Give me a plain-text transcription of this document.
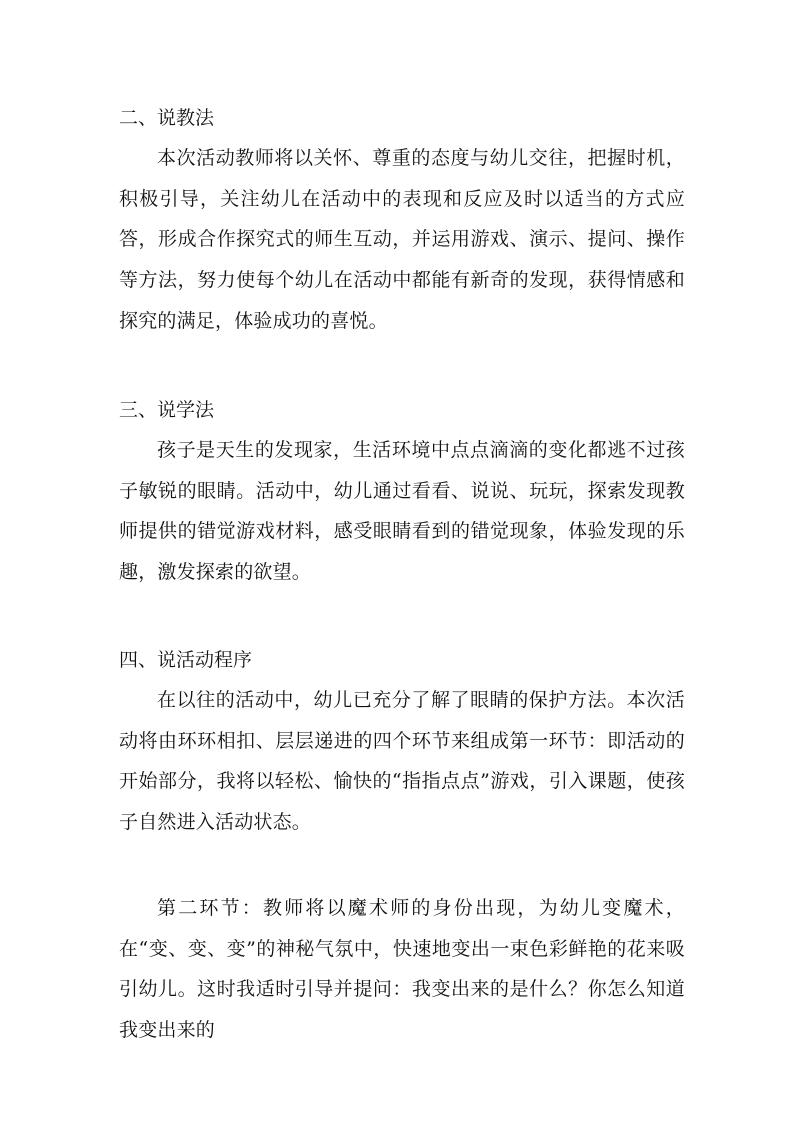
二、说教法

本次活动教师将以关怀、尊重的态度与幼儿交往，把握时机，积极引导，关注幼儿在活动中的表现和反应及时以适当的方式应答，形成合作探究式的师生互动，并运用游戏、演示、提问、操作等方法，努力使每个幼儿在活动中都能有新奇的发现，获得情感和探究的满足，体验成功的喜悦。

三、说学法

孩子是天生的发现家，生活环境中点点滴滴的变化都逃不过孩子敏锐的眼睛。活动中，幼儿通过看看、说说、玩玩，探索发现教师提供的错觉游戏材料，感受眼睛看到的错觉现象，体验发现的乐趣，激发探索的欲望。

四、说活动程序

在以往的活动中，幼儿已充分了解了眼睛的保护方法。本次活动将由环环相扣、层层递进的四个环节来组成第一环节：即活动的开始部分，我将以轻松、愉快的“指指点点”游戏，引入课题，使孩子自然进入活动状态。

第二环节：教师将以魔术师的身份出现，为幼儿变魔术，在“变、变、变”的神秘气氛中，快速地变出一束色彩鲜艳的花来吸引幼儿。这时我适时引导并提问：我变出来的是什么？你怎么知道我变出来的
